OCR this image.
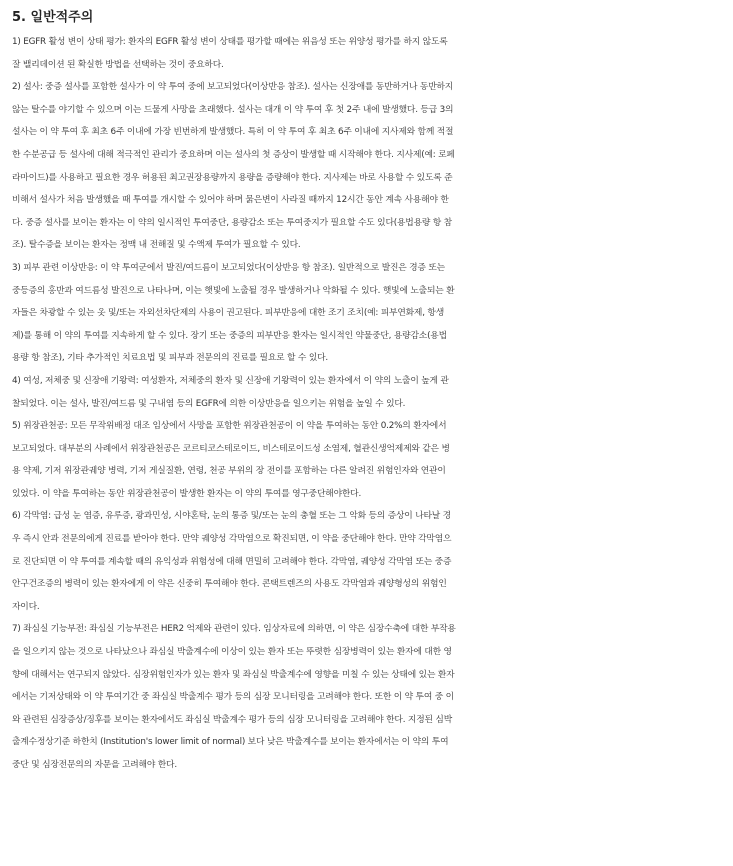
5. 일반적주의
1) EGFR 활성 변이 상태 평가: 환자의 EGFR 활성 변이 상태를 평가할 때에는 위음성 또는 위양성 평가를 하지 않도록
잘 밸리데이션 된 확실한 방법을 선택하는 것이 중요하다.
2) 설사: 중증 설사를 포함한 설사가 이 약 투여 중에 보고되었다(이상반응 참조). 설사는 신장애를 동반하거나 동반하지
않는 탈수를 야기할 수 있으며 이는 드물게 사망을 초래했다. 설사는 대개 이 약 투여 후 첫 2주 내에 발생했다. 등급 3의
설사는 이 약 투여 후 최초 6주 이내에 가장 빈번하게 발생했다. 특히 이 약 투여 후 최초 6주 이내에 지사제와 함께 적절
한 수분공급 등 설사에 대해 적극적인 관리가 중요하며 이는 설사의 첫 증상이 발생할 때 시작해야 한다. 지사제(예: 로페
라마이드)를 사용하고 필요한 경우 허용된 최고권장용량까지 용량을 증량해야 한다. 지사제는 바로 사용할 수 있도록 준
비해서 설사가 처음 발생했을 때 투여를 개시할 수 있어야 하며 묽은변이 사라질 때까지 12시간 동안 계속 사용해야 한
다. 중증 설사를 보이는 환자는 이 약의 일시적인 투여중단, 용량감소 또는 투여중지가 필요할 수도 있다(용법용량 항 참
조). 탈수증을 보이는 환자는 정맥 내 전해질 및 수액제 투여가 필요할 수 있다.
3) 피부 관련 이상반응: 이 약 투여군에서 발진/여드름이 보고되었다(이상반응 항 참조). 일반적으로 발진은 경증 또는
중등증의 홍반과 여드름성 발진으로 나타나며, 이는 햇빛에 노출될 경우 발생하거나 악화될 수 있다. 햇빛에 노출되는 환
자들은 차광할 수 있는 옷 및/또는 자외선차단제의 사용이 권고된다. 피부반응에 대한 조기 조치(예: 피부연화제, 항생
제)를 통해 이 약의 투여를 지속하게 할 수 있다. 장기 또는 중증의 피부반응 환자는 일시적인 약물중단, 용량감소(용법
용량 항 참조), 기타 추가적인 치료요법 및 피부과 전문의의 진료를 필요로 할 수 있다.
4) 여성, 저체중 및 신장애 기왕력: 여성환자, 저체중의 환자 및 신장애 기왕력이 있는 환자에서 이 약의 노출이 높게 관
찰되었다. 이는 설사, 발진/여드름 및 구내염 등의 EGFR에 의한 이상반응을 일으키는 위험을 높일 수 있다.
5) 위장관천공: 모든 무작위배정 대조 임상에서 사망을 포함한 위장관천공이 이 약을 투여하는 동안 0.2%의 환자에서
보고되었다. 대부분의 사례에서 위장관천공은 코르티코스테로이드, 비스테로이드성 소염제, 혈관신생억제제와 같은 병
용 약제, 기저 위장관궤양 병력, 기저 게실질환, 연령, 천공 부위의 장 전이를 포함하는 다른 알려진 위험인자와 연관이
있었다. 이 약을 투여하는 동안 위장관천공이 발생한 환자는 이 약의 투여를 영구중단해야한다.
6) 각막염: 급성 눈 염증, 유루증, 광과민성, 시야혼탁, 눈의 통증 및/또는 눈의 충혈 또는 그 악화 등의 증상이 나타날 경
우 즉시 안과 전문의에게 진료를 받아야 한다. 만약 궤양성 각막염으로 확진되면, 이 약을 중단해야 한다. 만약 각막염으
로 진단되면 이 약 투여를 계속할 때의 유익성과 위험성에 대해 면밀히 고려해야 한다. 각막염, 궤양성 각막염 또는 중증
안구건조증의 병력이 있는 환자에게 이 약은 신중히 투여해야 한다. 콘택트렌즈의 사용도 각막염과 궤양형성의 위험인
자이다.
7) 좌심실 기능부전: 좌심실 기능부전은 HER2 억제와 관련이 있다. 임상자료에 의하면, 이 약은 심장수축에 대한 부작용
을 일으키지 않는 것으로 나타났으나 좌심실 박출계수에 이상이 있는 환자 또는 뚜렷한 심장병력이 있는 환자에 대한 영
향에 대해서는 연구되지 않았다. 심장위험인자가 있는 환자 및 좌심실 박출계수에 영향을 미칠 수 있는 상태에 있는 환자
에서는 기저상태와 이 약 투여기간 중 좌심실 박출계수 평가 등의 심장 모니터링을 고려해야 한다. 또한 이 약 투여 중 이
와 관련된 심장증상/징후를 보이는 환자에서도 좌심실 박출계수 평가 등의 심장 모니터링을 고려해야 한다. 지정된 심박
출계수정상기준 하한치 (Institution's lower limit of normal) 보다 낮은 박출계수를 보이는 환자에서는 이 약의 투여
중단 및 심장전문의의 자문을 고려해야 한다.
